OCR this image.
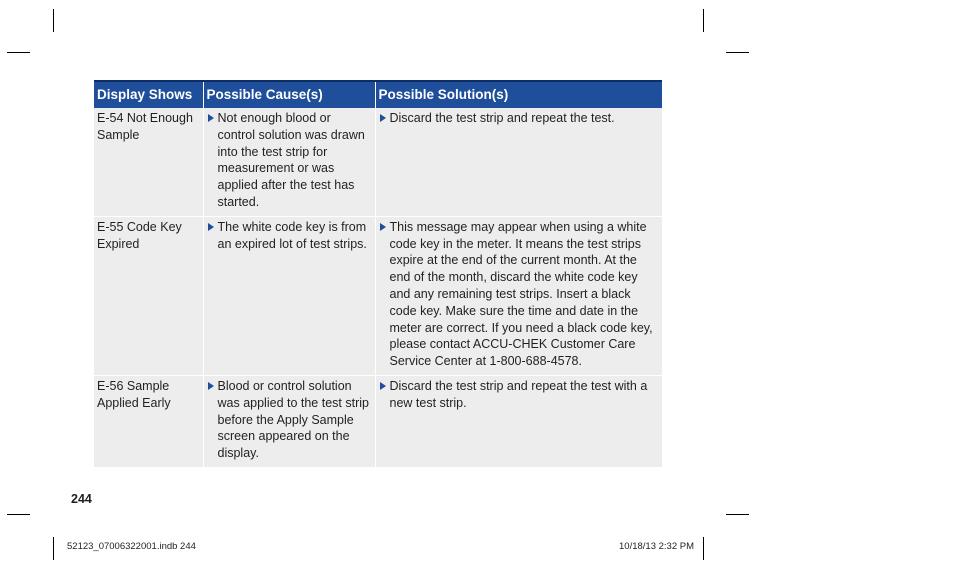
Display Shows	Possible Cause(s)	Possible Solution(s)
E-54 Not Enough Sample	Not enough blood or control solution was drawn into the test strip for measurement or was applied after the test has started.	Discard the test strip and repeat the test.

E-55 Code Key Expired	The white code key is from an expired lot of test strips.	This message may appear when using a white code key in the meter. It means the test strips expire at the end of the current month. At the end of the month, discard the white code key and any remaining test strips. Insert a black code key. Make sure the time and date in the meter are correct. If you need a black code key, please contact ACCU-CHEK Customer Care Service Center at 1-800-688-4578.

E-56 Sample Applied Early	Blood or control solution was applied to the test strip before the Apply Sample screen appeared on the display.	Discard the test strip and repeat the test with a new test strip.
244
52123_07006322001.indb 244	10/18/13 2:32 PM
